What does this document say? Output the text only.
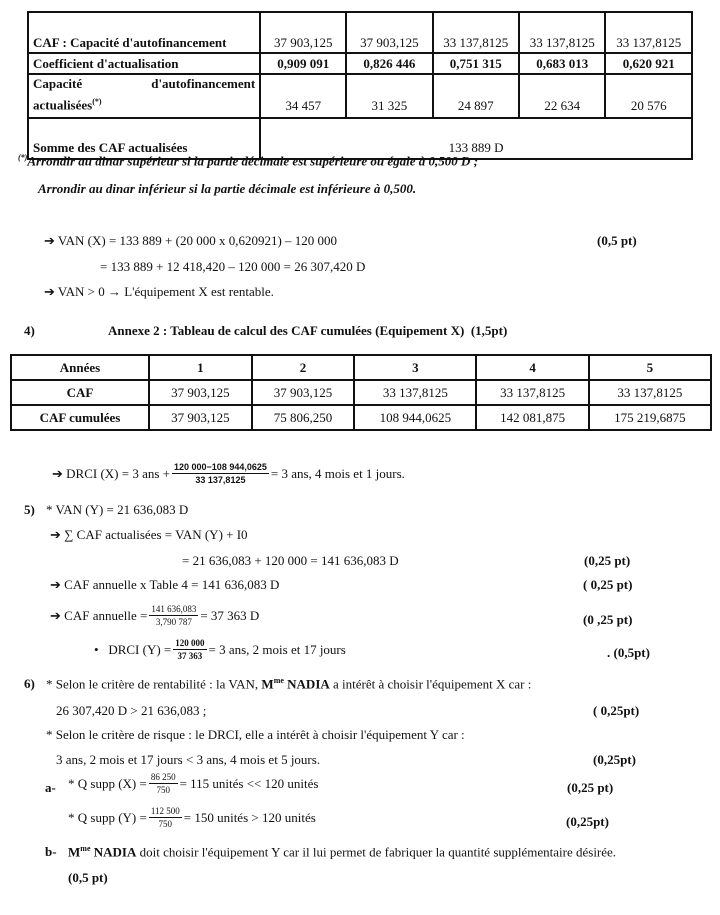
CAF : Capacité d'autofinancement	37 903,125	37 903,125	33 137,8125	33 137,8125	33 137,8125
Coefficient d'actualisation	0,909 091	0,826 446	0,751 315	0,683 013	0,620 921

Capacité d'autofinancement
actualisées(*)	34 457	31 325	24 897	22 634	20 576
Somme des CAF actualisées	133 889 D				
(*)Arrondir au dinar supérieur si la partie décimale est supérieure ou égale à 0,500 D ;
Arrondir au dinar inférieur si la partie décimale est inférieure à 0,500.
➔ VAN (X) = 133 889 + (20 000 x 0,620921) – 120 000	(0,5 pt)
= 133 889 + 12 418,420 – 120 000 = 26 307,420 D
➔ VAN > 0 → L'équipement X est rentable.
4)	Annexe 2 : Tableau de calcul des CAF cumulées (Equipement X) (1,5pt)
Années	1	2	3	4	5
CAF	37 903,125	37 903,125	33 137,8125	33 137,8125	33 137,8125
CAF cumulées	37 903,125	75 806,250	108 944,0625	142 081,875	175 219,6875
➔
DRCI (X) = 3 ans + $\frac{120 000-108 944,0625}{33 137,8125} = 3$ ans, 4 mois et 1 jours.
5) * VAN (Y) = 21 636,083 D
➔ ∑ CAF actualisées = VAN (Y) + I0
= 21 636,083 + 120 000 = 141 636,083 D	(0,25 pt)
➔ CAF annuelle x Table 4 = 141 636,083 D	( 0,25 pt)
➔
CAF annuelle = $\frac{141 636,083}{3,790 787} = 37$ 363 D	(0 ,25 pt)
•
DRCI $(Y) = \frac{120 000}{37 363} = 3$ ans, 2 mois et 17 jours	. (0,5pt)
6) * Selon le critère de rentabilité : la VAN, $M^{me}$ NADIA a intérêt à choisir l'équipement X car :
26 307,420 D > 21 636,083 ;	( 0,25pt)
* Selon le critère de risque : le DRCI, elle a intérêt à choisir l'équipement Y car :
3 ans, 2 mois et 17 jours < 3 ans, 4 mois et 5 jours.	(0,25pt)
a- * Q supp $(X) = \frac{86 250}{750} = 115$ unités << 120 unités	(0,25 pt)
* Q supp $(Y) = \frac{112 500}{750} = 150$ unités > 120 unités	(0,25pt)
b- $M^{me}$ NADIA doit choisir l'équipement Y car il lui permet de fabriquer la quantité supplémentaire désirée.
(0,5 pt)
